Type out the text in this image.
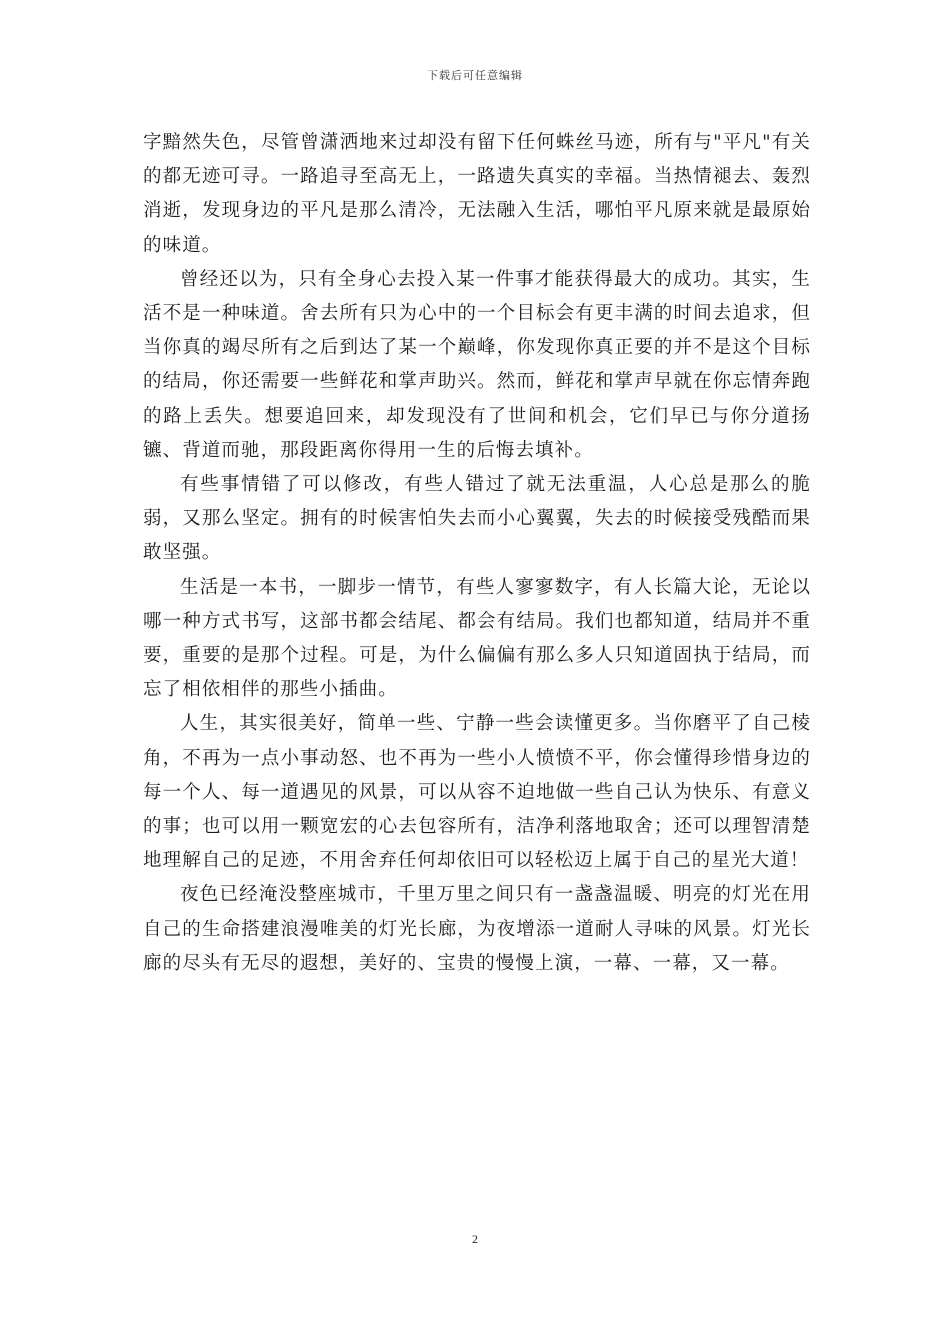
下载后可任意编辑

字黯然失色，尽管曾潇洒地来过却没有留下任何蛛丝马迹，所有与"平凡"有关的都无迹可寻。一路追寻至高无上，一路遗失真实的幸福。当热情褪去、轰烈消逝，发现身边的平凡是那么清冷，无法融入生活，哪怕平凡原来就是最原始的味道。

曾经还以为，只有全身心去投入某一件事才能获得最大的成功。其实，生活不是一种味道。舍去所有只为心中的一个目标会有更丰满的时间去追求，但当你真的竭尽所有之后到达了某一个巅峰，你发现你真正要的并不是这个目标的结局，你还需要一些鲜花和掌声助兴。然而，鲜花和掌声早就在你忘情奔跑的路上丢失。想要追回来，却发现没有了世间和机会，它们早已与你分道扬镳、背道而驰，那段距离你得用一生的后悔去填补。

有些事情错了可以修改，有些人错过了就无法重温，人心总是那么的脆弱，又那么坚定。拥有的时候害怕失去而小心翼翼，失去的时候接受残酷而果敢坚强。

生活是一本书，一脚步一情节，有些人寥寥数字，有人长篇大论，无论以哪一种方式书写，这部书都会结尾、都会有结局。我们也都知道，结局并不重要，重要的是那个过程。可是，为什么偏偏有那么多人只知道固执于结局，而忘了相依相伴的那些小插曲。

人生，其实很美好，简单一些、宁静一些会读懂更多。当你磨平了自己棱角，不再为一点小事动怒、也不再为一些小人愤愤不平，你会懂得珍惜身边的每一个人、每一道遇见的风景，可以从容不迫地做一些自己认为快乐、有意义的事；也可以用一颗宽宏的心去包容所有，洁净利落地取舍；还可以理智清楚地理解自己的足迹，不用舍弃任何却依旧可以轻松迈上属于自己的星光大道！

夜色已经淹没整座城市，千里万里之间只有一盏盏温暖、明亮的灯光在用自己的生命搭建浪漫唯美的灯光长廊，为夜增添一道耐人寻味的风景。灯光长廊的尽头有无尽的遐想，美好的、宝贵的慢慢上演，一幕、一幕，又一幕。

2
